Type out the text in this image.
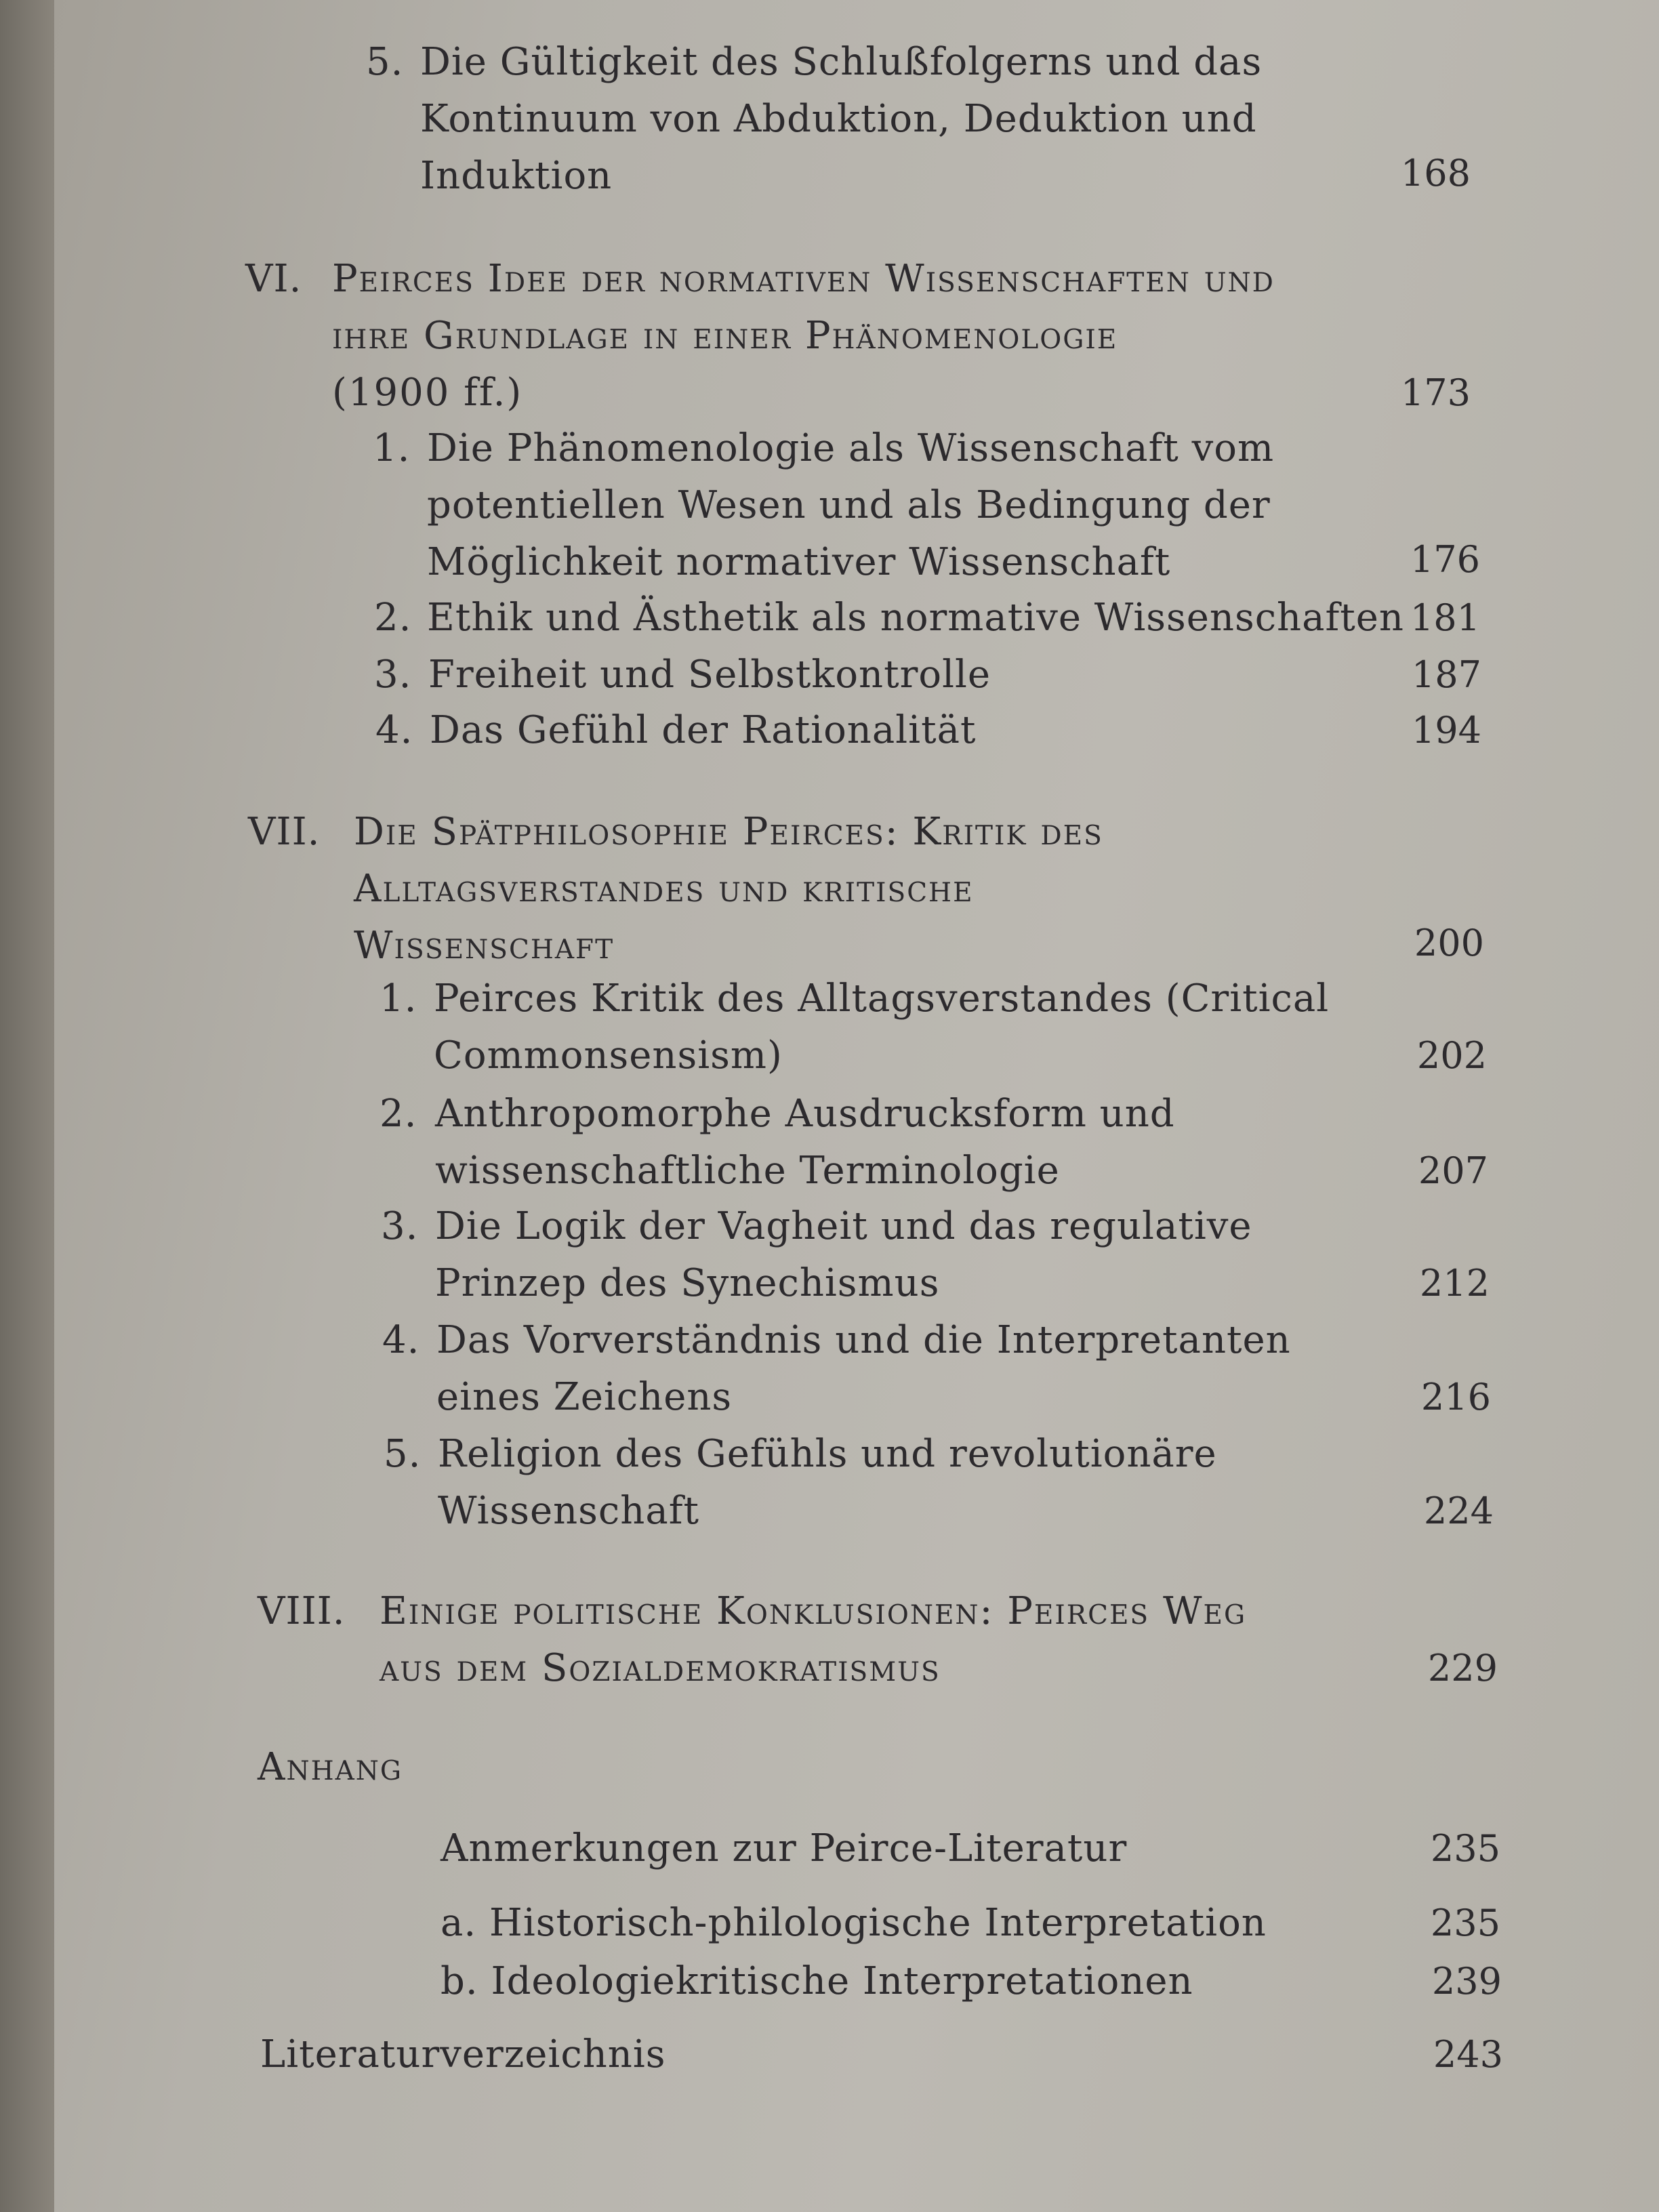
5. Die Gültigkeit des Schlußfolgerns und das
Kontinuum von Abduktion, Deduktion und
Induktion	168
VI. Peirces Idee der normativen Wissenschaften und
ihre Grundlage in einer Phänomenologie
(1900 ff.)	173
1. Die Phänomenologie als Wissenschaft vom
potentiellen Wesen und als Bedingung der
Möglichkeit normativer Wissenschaft	176
2. Ethik und Ästhetik als normative Wissenschaften 181
3. Freiheit und Selbstkontrolle	187
4. Das Gefühl der Rationalität	194
VII. Die Spätphilosophie Peirces: Kritik des
Alltagsverstandes und kritische
Wissenschaft	200
1. Peirces Kritik des Alltagsverstandes (Critical
Commonsensism)	202
2. Anthropomorphe Ausdrucksform und
wissenschaftliche Terminologie	207
3. Die Logik der Vagheit und das regulative
Prinzep des Synechismus	212
4. Das Vorverständnis und die Interpretanten
eines Zeichens	216
5. Religion des Gefühls und revolutionäre
Wissenschaft	224
VIII. Einige politische Konklusionen: Peirces Weg
aus dem Sozialdemokratismus	229
Anhang
Anmerkungen zur Peirce-Literatur	235
a. Historisch-philologische Interpretation	235
b. Ideologiekritische Interpretationen	239
Literaturverzeichnis	243
